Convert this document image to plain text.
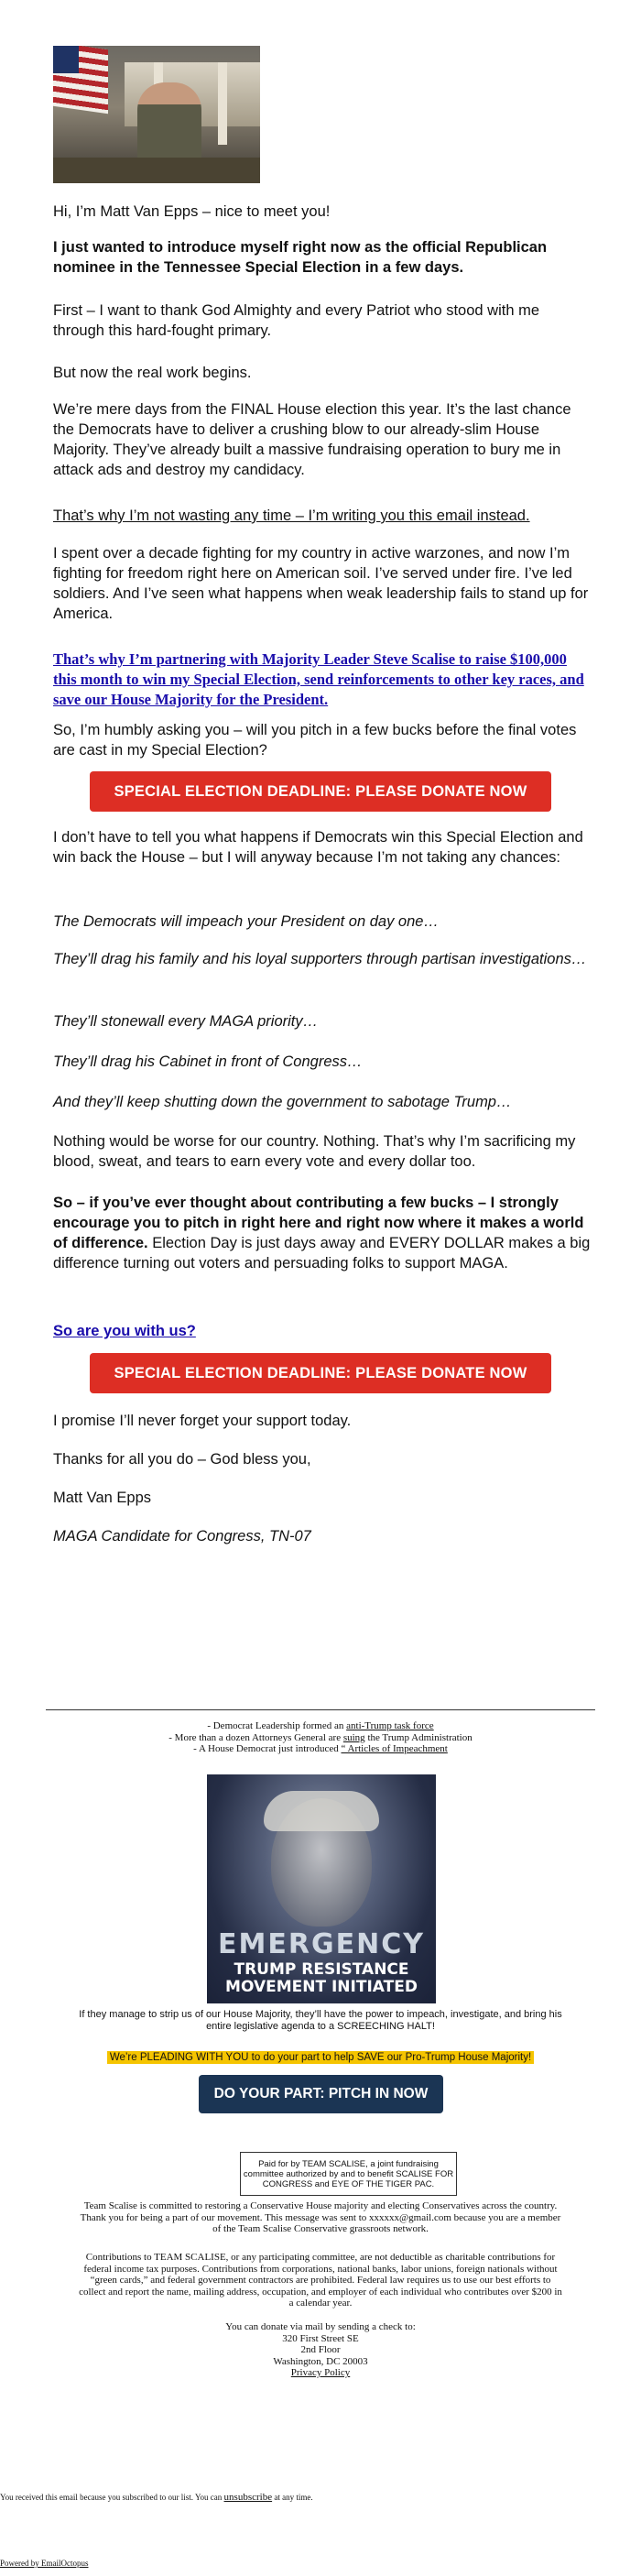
Hi, I’m Matt Van Epps – nice to meet you!

I just wanted to introduce myself right now as the official Republican nominee in the Tennessee Special Election in a few days.

First – I want to thank God Almighty and every Patriot who stood with me through this hard-fought primary.

But now the real work begins.

We’re mere days from the FINAL House election this year. It’s the last chance the Democrats have to deliver a crushing blow to our already-slim House Majority. They’ve already built a massive fundraising operation to bury me in attack ads and destroy my candidacy.

That’s why I’m not wasting any time – I’m writing you this email instead.

I spent over a decade fighting for my country in active warzones, and now I’m fighting for freedom right here on American soil. I’ve served under fire. I’ve led soldiers. And I’ve seen what happens when weak leadership fails to stand up for America.

That’s why I’m partnering with Majority Leader Steve Scalise to raise $100,000 this month to win my Special Election, send reinforcements to other key races, and save our House Majority for the President.

So, I’m humbly asking you – will you pitch in a few bucks before the final votes are cast in my Special Election?

SPECIAL ELECTION DEADLINE: PLEASE DONATE NOW

I don’t have to tell you what happens if Democrats win this Special Election and win back the House – but I will anyway because I’m not taking any chances:

The Democrats will impeach your President on day one…

They’ll drag his family and his loyal supporters through partisan investigations…

They’ll stonewall every MAGA priority…

They’ll drag his Cabinet in front of Congress…

And they’ll keep shutting down the government to sabotage Trump…

Nothing would be worse for our country. Nothing. That’s why I’m sacrificing my blood, sweat, and tears to earn every vote and every dollar too.

So – if you’ve ever thought about contributing a few bucks – I strongly encourage you to pitch in right here and right now where it makes a world of difference. Election Day is just days away and EVERY DOLLAR makes a big difference turning out voters and persuading folks to support MAGA.

So are you with us?

SPECIAL ELECTION DEADLINE: PLEASE DONATE NOW

I promise I’ll never forget your support today.

Thanks for all you do – God bless you,

Matt Van Epps

MAGA Candidate for Congress, TN-07

- Democrat Leadership formed an anti-Trump task force
- More than a dozen Attorneys General are suing the Trump Administration
- A House Democrat just introduced “ Articles of Impeachment
EMERGENCY
TRUMP RESISTANCE
MOVEMENT INITIATED
If they manage to strip us of our House Majority, they’ll have the power to impeach, investigate, and bring his entire legislative agenda to a SCREECHING HALT!
We’re PLEADING WITH YOU to do your part to help SAVE our Pro-Trump House Majority!
DO YOUR PART: PITCH IN NOW
Paid for by TEAM SCALISE, a joint fundraising committee authorized by and to benefit SCALISE FOR CONGRESS and EYE OF THE TIGER PAC.
Team Scalise is committed to restoring a Conservative House majority and electing Conservatives across the country. Thank you for being a part of our movement. This message was sent to xxxxxx@gmail.com because you are a member of the Team Scalise Conservative grassroots network.
Contributions to TEAM SCALISE, or any participating committee, are not deductible as charitable contributions for federal income tax purposes. Contributions from corporations, national banks, labor unions, foreign nationals without “green cards,” and federal government contractors are prohibited. Federal law requires us to use our best efforts to collect and report the name, mailing address, occupation, and employer of each individual who contributes over $200 in a calendar year.
You can donate via mail by sending a check to:
320 First Street SE
2nd Floor
Washington, DC 20003
Privacy Policy
You received this email because you subscribed to our list. You can unsubscribe at any time.
Powered by EmailOctopus
